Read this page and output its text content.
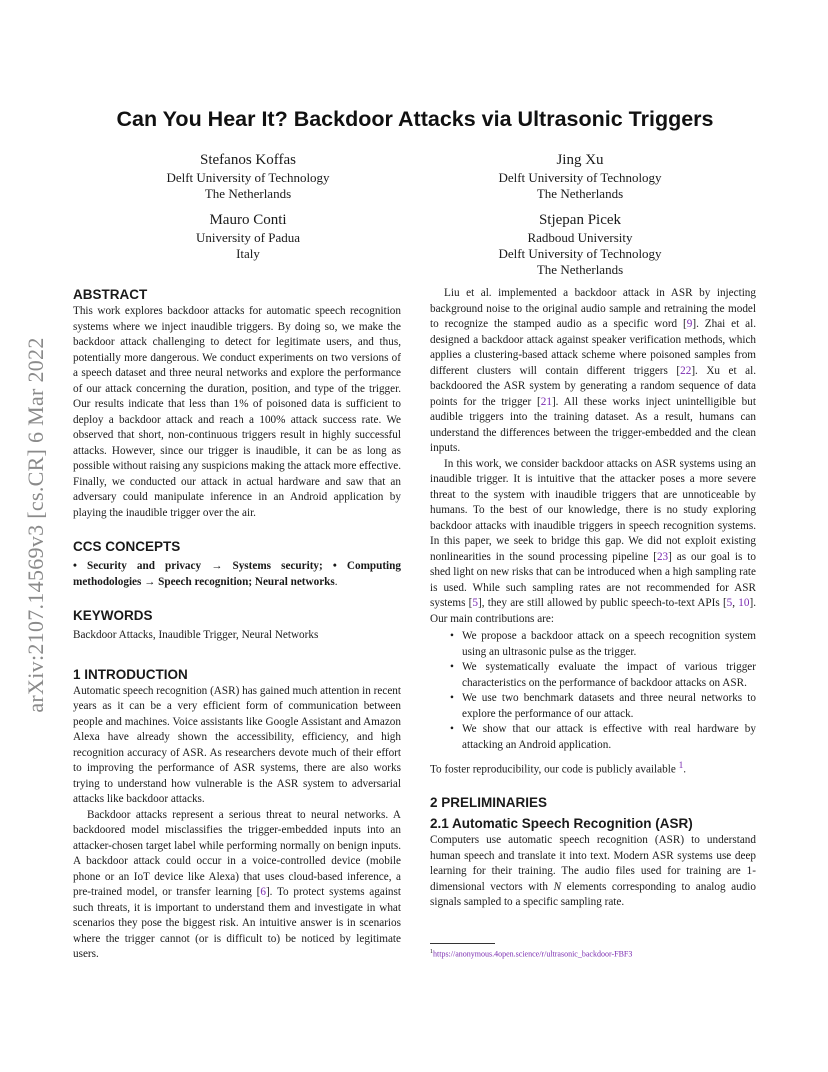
arXiv:2107.14569v3 [cs.CR] 6 Mar 2022
Can You Hear It? Backdoor Attacks via Ultrasonic Triggers
Stefanos Koffas
Delft University of Technology
The Netherlands
Jing Xu
Delft University of Technology
The Netherlands
Mauro Conti
University of Padua
Italy
Stjepan Picek
Radboud University
Delft University of Technology
The Netherlands
ABSTRACT

This work explores backdoor attacks for automatic speech recognition systems where we inject inaudible triggers. By doing so, we make the backdoor attack challenging to detect for legitimate users, and thus, potentially more dangerous. We conduct experiments on two versions of a speech dataset and three neural networks and explore the performance of our attack concerning the duration, position, and type of the trigger. Our results indicate that less than 1% of poisoned data is sufficient to deploy a backdoor attack and reach a 100% attack success rate. We observed that short, non-continuous triggers result in highly successful attacks. However, since our trigger is inaudible, it can be as long as possible without raising any suspicions making the attack more effective. Finally, we conducted our attack in actual hardware and saw that an adversary could manipulate inference in an Android application by playing the inaudible trigger over the air.

CCS CONCEPTS

• Security and privacy → Systems security; • Computing methodologies → Speech recognition; Neural networks.

KEYWORDS

Backdoor Attacks, Inaudible Trigger, Neural Networks

1 INTRODUCTION

Automatic speech recognition (ASR) has gained much attention in recent years as it can be a very efficient form of communication between people and machines. Voice assistants like Google Assistant and Amazon Alexa have already shown the accessibility, efficiency, and high recognition accuracy of ASR. As researchers devote much of their effort to improving the performance of ASR systems, there are also works trying to understand how vulnerable is the ASR system to adversarial attacks like backdoor attacks.

Backdoor attacks represent a serious threat to neural networks. A backdoored model misclassifies the trigger-embedded inputs into an attacker-chosen target label while performing normally on benign inputs. A backdoor attack could occur in a voice-controlled device (mobile phone or an IoT device like Alexa) that uses cloud-based inference, a pre-trained model, or transfer learning [6]. To protect systems against such threats, it is important to understand them and investigate in what scenarios they pose the biggest risk. An intuitive answer is in scenarios where the trigger cannot (or is difficult to) be noticed by legitimate users.

Liu et al. implemented a backdoor attack in ASR by injecting background noise to the original audio sample and retraining the model to recognize the stamped audio as a specific word [9]. Zhai et al. designed a backdoor attack against speaker verification methods, which applies a clustering-based attack scheme where poisoned samples from different clusters will contain different triggers [22]. Xu et al. backdoored the ASR system by generating a random sequence of data points for the trigger [21]. All these works inject unintelligible but audible triggers into the training dataset. As a result, humans can understand the differences between the trigger-embedded and the clean inputs.

In this work, we consider backdoor attacks on ASR systems using an inaudible trigger. It is intuitive that the attacker poses a more severe threat to the system with inaudible triggers that are unnoticeable by humans. To the best of our knowledge, there is no study exploring backdoor attacks with inaudible triggers in speech recognition systems. In this paper, we seek to bridge this gap. We did not exploit existing nonlinearities in the sound processing pipeline [23] as our goal is to shed light on new risks that can be introduced when a high sampling rate is used. While such sampling rates are not recommended for ASR systems [5], they are still allowed by public speech-to-text APIs [5, 10]. Our main contributions are:

• We propose a backdoor attack on a speech recognition system using an ultrasonic pulse as the trigger.
• We systematically evaluate the impact of various trigger characteristics on the performance of backdoor attacks on ASR.
• We use two benchmark datasets and three neural networks to explore the performance of our attack.
• We show that our attack is effective with real hardware by attacking an Android application.

To foster reproducibility, our code is publicly available $^1$.

2 PRELIMINARIES
2.1 Automatic Speech Recognition (ASR)

Computers use automatic speech recognition (ASR) to understand human speech and translate it into text. Modern ASR systems use deep learning for their training. The audio files used for training are 1-dimensional vectors with N elements corresponding to analog audio signals sampled to a specific sampling rate.

$^1$https://anonymous.4open.science/r/ultrasonic_backdoor-FBF3
